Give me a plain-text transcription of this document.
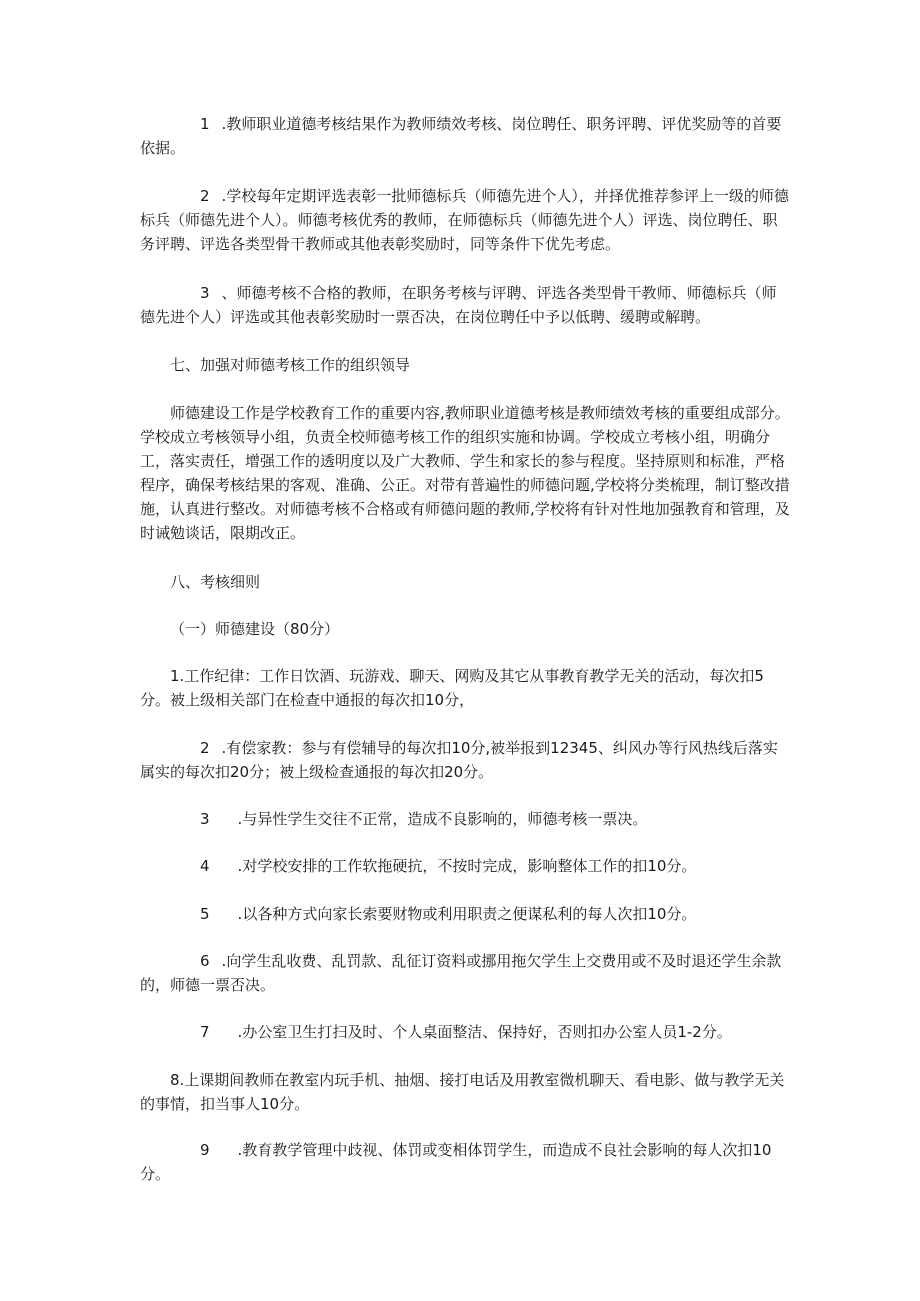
1 .教师职业道德考核结果作为教师绩效考核、岗位聘任、职务评聘、评优奖励等的首要依据。

2 .学校每年定期评选表彰一批师德标兵（师德先进个人），并择优推荐参评上一级的师德标兵（师德先进个人）。师德考核优秀的教师，在师德标兵（师德先进个人）评选、岗位聘任、职务评聘、评选各类型骨干教师或其他表彰奖励时，同等条件下优先考虑。

3 、师德考核不合格的教师，在职务考核与评聘、评选各类型骨干教师、师德标兵（师德先进个人）评选或其他表彰奖励时一票否决，在岗位聘任中予以低聘、缓聘或解聘。

七、加强对师德考核工作的组织领导

师德建设工作是学校教育工作的重要内容,教师职业道德考核是教师绩效考核的重要组成部分。学校成立考核领导小组，负责全校师德考核工作的组织实施和协调。学校成立考核小组，明确分工，落实责任，增强工作的透明度以及广大教师、学生和家长的参与程度。坚持原则和标准，严格程序，确保考核结果的客观、准确、公正。对带有普遍性的师德问题,学校将分类梳理，制订整改措施，认真进行整改。对师德考核不合格或有师德问题的教师,学校将有针对性地加强教育和管理，及时诫勉谈话，限期改正。

八、考核细则

（一）师德建设（80分）

1.工作纪律：工作日饮酒、玩游戏、聊天、网购及其它从事教育教学无关的活动，每次扣5分。被上级相关部门在检查中通报的每次扣10分，

2 .有偿家教：参与有偿辅导的每次扣10分,被举报到12345、纠风办等行风热线后落实属实的每次扣20分；被上级检查通报的每次扣20分。

3 .与异性学生交往不正常，造成不良影响的，师德考核一票决。

4 .对学校安排的工作软拖硬抗，不按时完成，影响整体工作的扣10分。

5 .以各种方式向家长索要财物或利用职责之便谋私利的每人次扣10分。

6 .向学生乱收费、乱罚款、乱征订资料或挪用拖欠学生上交费用或不及时退还学生余款的，师德一票否决。

7 .办公室卫生打扫及时、个人桌面整洁、保持好，否则扣办公室人员1-2分。

8.上课期间教师在教室内玩手机、抽烟、接打电话及用教室微机聊天、看电影、做与教学无关的事情，扣当事人10分。

9 .教育教学管理中歧视、体罚或变相体罚学生，而造成不良社会影响的每人次扣10分。
